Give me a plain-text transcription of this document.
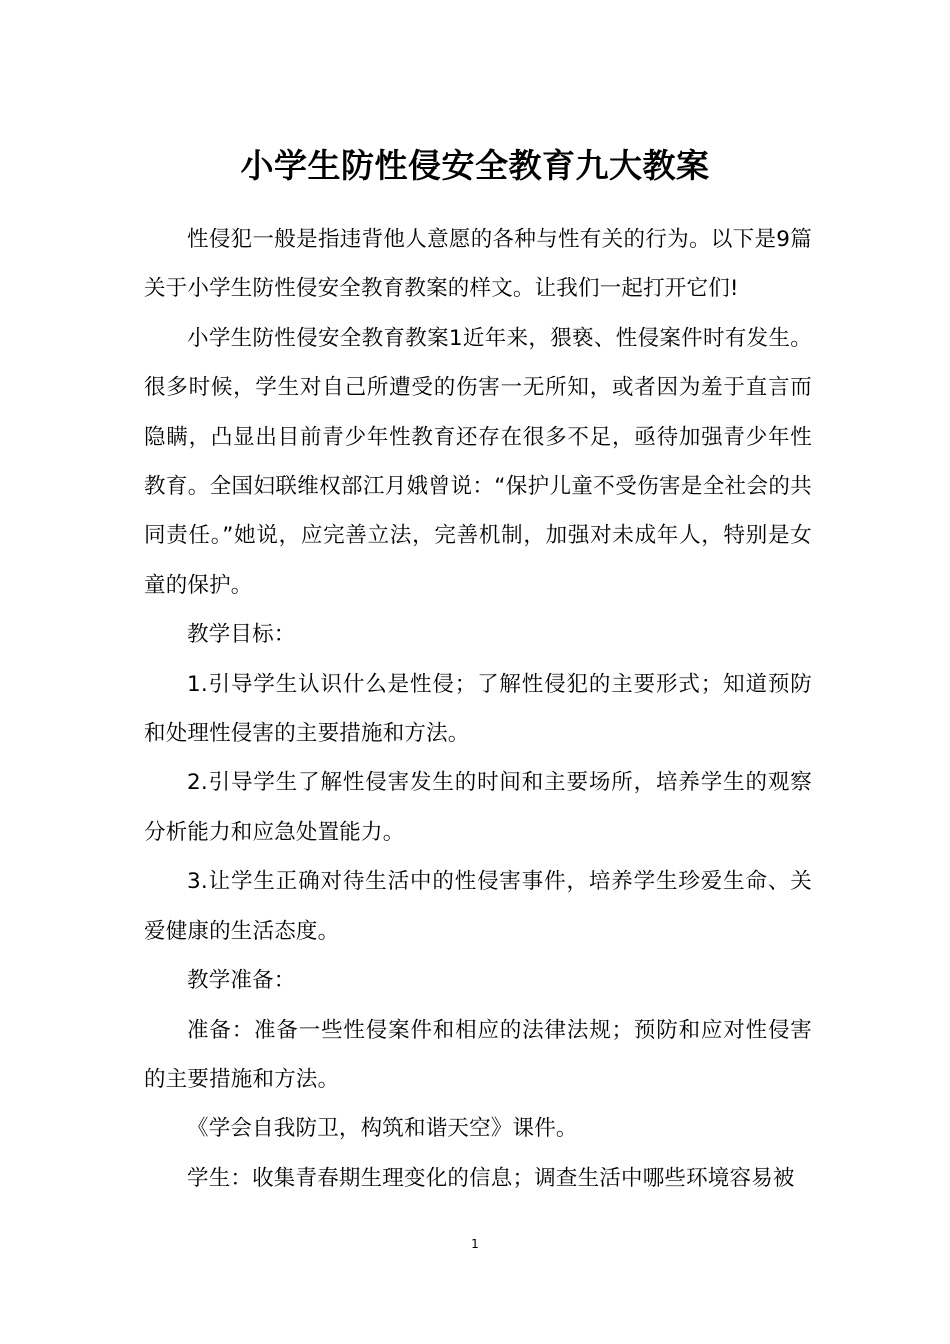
小学生防性侵安全教育九大教案

性侵犯一般是指违背他人意愿的各种与性有关的行为。以下是9篇关于小学生防性侵安全教育教案的样文。让我们一起打开它们!

小学生防性侵安全教育教案1近年来，猥亵、性侵案件时有发生。很多时候，学生对自己所遭受的伤害一无所知，或者因为羞于直言而隐瞒，凸显出目前青少年性教育还存在很多不足，亟待加强青少年性教育。全国妇联维权部江月娥曾说：“保护儿童不受伤害是全社会的共同责任。”她说，应完善立法，完善机制，加强对未成年人，特别是女童的保护。

教学目标：

1.引导学生认识什么是性侵；了解性侵犯的主要形式；知道预防和处理性侵害的主要措施和方法。

2.引导学生了解性侵害发生的时间和主要场所，培养学生的观察分析能力和应急处置能力。

3.让学生正确对待生活中的性侵害事件，培养学生珍爱生命、关爱健康的生活态度。

教学准备：

准备：准备一些性侵案件和相应的法律法规；预防和应对性侵害的主要措施和方法。

《学会自我防卫，构筑和谐天空》课件。

学生：收集青春期生理变化的信息；调查生活中哪些环境容易被

1
